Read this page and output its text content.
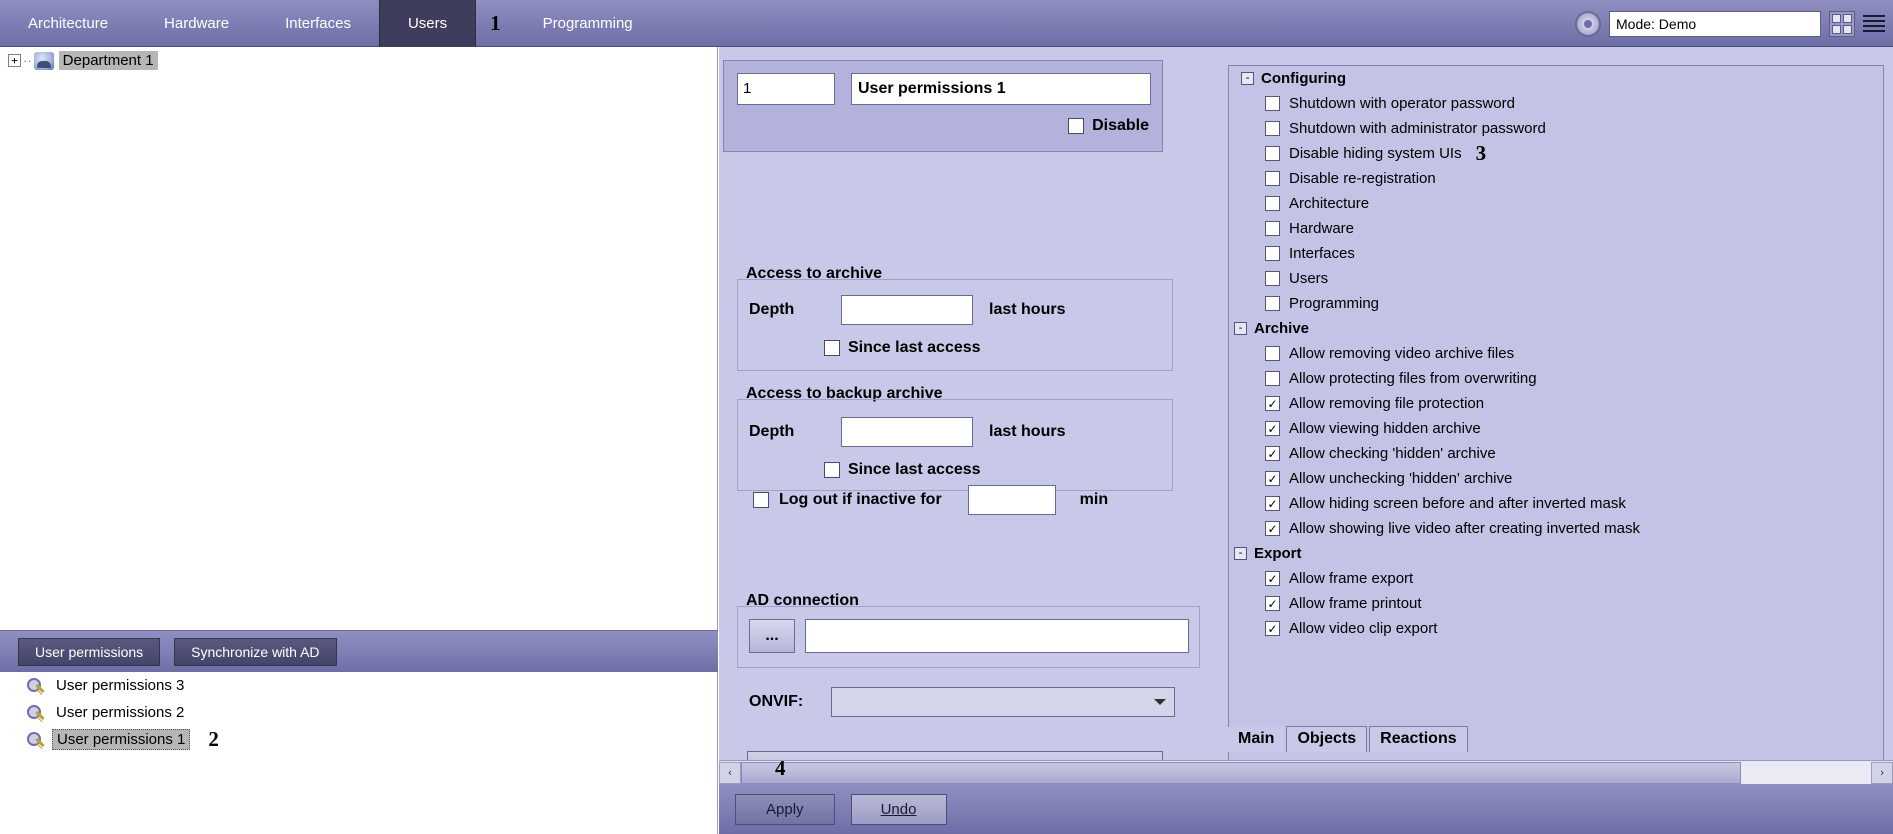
Architecture	Hardware	Interfaces	Users	1	Programming	Mode: Demo
+ ·· Department 1
User permissions	Synchronize with AD
User permissions 3
User permissions 2
User permissions 1 2
1	User permissions 1
Disable
Access to archive
Depth	last hours
Since last access
Access to backup archive
Depth	last hours
Since last access
Log out if inactive for	min
AD connection
...
ONVIF:
- Configuring
Shutdown with operator password
Shutdown with administrator password
Disable hiding system UIs 3
Disable re-registration
Architecture
Hardware
Interfaces
Users
Programming
- Archive
Allow removing video archive files
Allow protecting files from overwriting
✓ Allow removing file protection
✓ Allow viewing hidden archive
✓ Allow checking 'hidden' archive
✓ Allow unchecking 'hidden' archive
✓ Allow hiding screen before and after inverted mask
✓ Allow showing live video after creating inverted mask
- Export
✓ Allow frame export
✓ Allow frame printout
✓ Allow video clip export
Main	Objects	Reactions
‹	›
4
Apply	Undo
